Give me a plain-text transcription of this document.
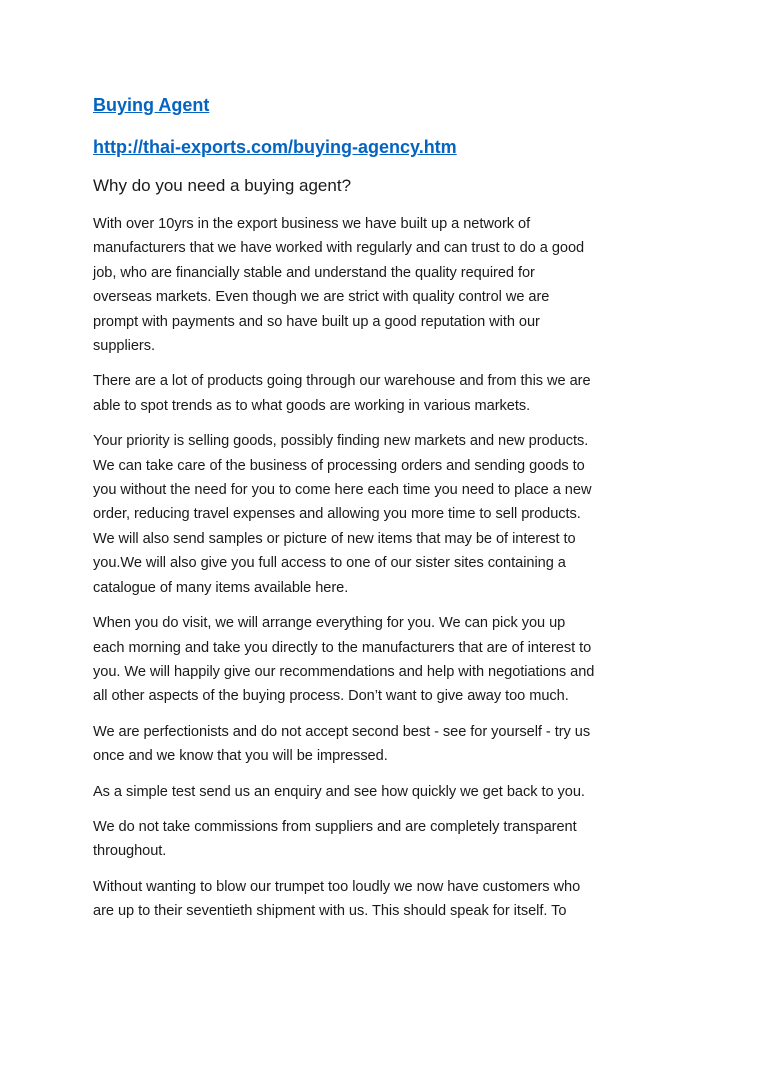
Buying Agent
http://thai-exports.com/buying-agency.htm
Why do you need a buying agent?
With over 10yrs in the export business we have built up a network of
manufacturers that we have worked with regularly and can trust to do a good
job, who are financially stable and understand the quality required for
overseas markets. Even though we are strict with quality control we are
prompt with payments and so have built up a good reputation with our
suppliers.
There are a lot of products going through our warehouse and from this we are
able to spot trends as to what goods are working in various markets.
Your priority is selling goods, possibly finding new markets and new products.
We can take care of the business of processing orders and sending goods to
you without the need for you to come here each time you need to place a new
order, reducing travel expenses and allowing you more time to sell products.
We will also send samples or picture of new items that may be of interest to
you.We will also give you full access to one of our sister sites containing a
catalogue of many items available here.
When you do visit, we will arrange everything for you. We can pick you up
each morning and take you directly to the manufacturers that are of interest to
you. We will happily give our recommendations and help with negotiations and
all other aspects of the buying process. Don’t want to give away too much.
We are perfectionists and do not accept second best - see for yourself - try us
once and we know that you will be impressed.
As a simple test send us an enquiry and see how quickly we get back to you.
We do not take commissions from suppliers and are completely transparent
throughout.
Without wanting to blow our trumpet too loudly we now have customers who
are up to their seventieth shipment with us. This should speak for itself. To
